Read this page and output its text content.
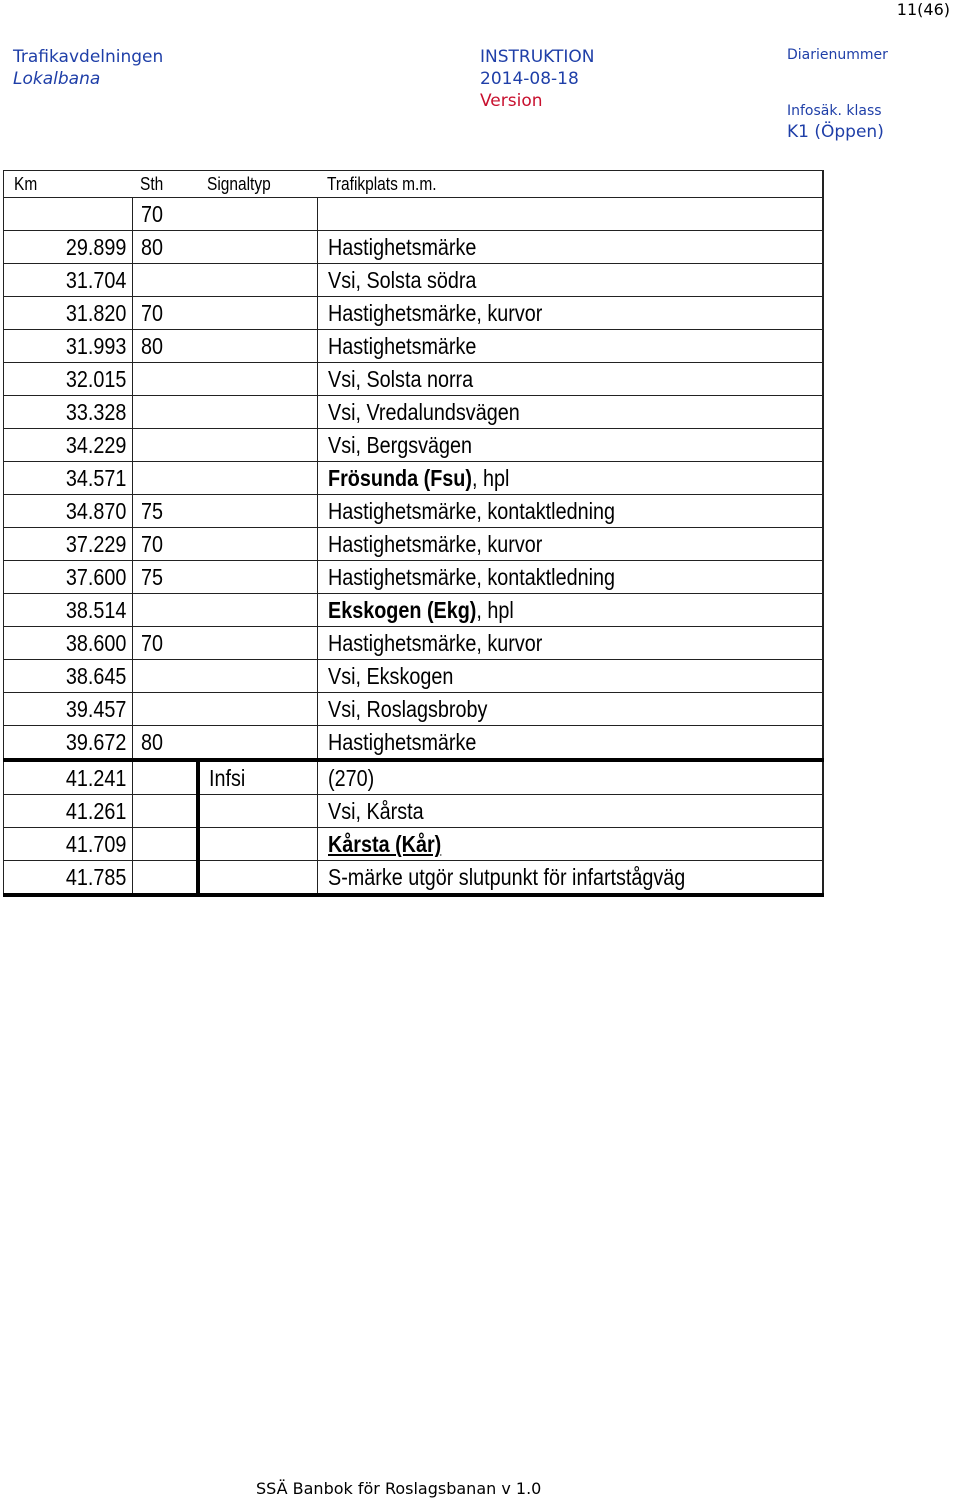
11(46)
Trafikavdelningen
Lokalbana
INSTRUKTION
2014-08-18
Version
Diarienummer
Infosäk. klass
K1 (Öppen)
Km	Sth	Signaltyp	Trafikplats m.m.
	70		
29.899	80		Hastighetsmärke
31.704			Vsi, Solsta södra
31.820	70		Hastighetsmärke, kurvor
31.993	80		Hastighetsmärke
32.015			Vsi, Solsta norra
33.328			Vsi, Vredalundsvägen
34.229			Vsi, Bergsvägen
34.571			Frösunda (Fsu), hpl
34.870	75		Hastighetsmärke, kontaktledning
37.229	70		Hastighetsmärke, kurvor
37.600	75		Hastighetsmärke, kontaktledning
38.514			Ekskogen (Ekg), hpl
38.600	70		Hastighetsmärke, kurvor
38.645			Vsi, Ekskogen
39.457			Vsi, Roslagsbroby
39.672	80		Hastighetsmärke
41.241		Infsi	(270)
41.261			Vsi, Kårsta
41.709			Kårsta (Kår)
41.785			S-märke utgör slutpunkt för infartstågväg
SSÄ Banbok för Roslagsbanan v 1.0
